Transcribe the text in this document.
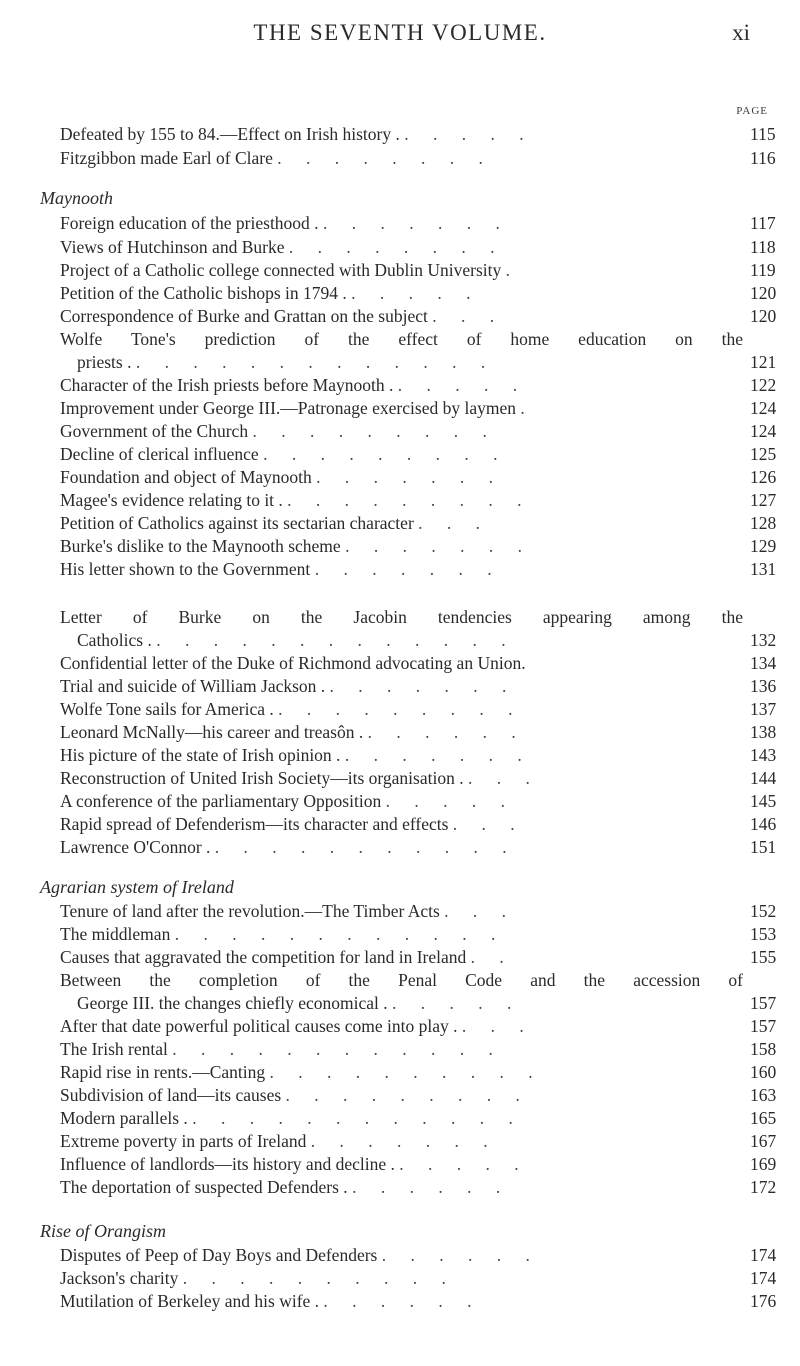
THE SEVENTH VOLUME.	xi
PAGE
Defeated by 155 to 84.—Effect on Irish history . . . . . .	115
Fitzgibbon made Earl of Clare . . . . . . . .	116
Maynooth
Foreign education of the priesthood . . . . . . . .	117
Views of Hutchinson and Burke . . . . . . . .	118
Project of a Catholic college connected with Dublin University .	119
Petition of the Catholic bishops in 1794 . . . . . .	120
Correspondence of Burke and Grattan on the subject . . .	120
Wolfe Tone's prediction of the effect of home education on the
priests . . . . . . . . . . . . . .	121
Character of the Irish priests before Maynooth . . . . . .	122
Improvement under George III.—Patronage exercised by laymen .	124
Government of the Church . . . . . . . . .	124
Decline of clerical influence . . . . . . . . .	125
Foundation and object of Maynooth . . . . . . .	126
Magee's evidence relating to it . . . . . . . . . .	127
Petition of Catholics against its sectarian character . . .	128
Burke's dislike to the Maynooth scheme . . . . . . .	129
His letter shown to the Government . . . . . . .	131
Letter of Burke on the Jacobin tendencies appearing among the
Catholics . . . . . . . . . . . . . .	132
Confidential letter of the Duke of Richmond advocating an Union.	134
Trial and suicide of William Jackson . . . . . . . .	136
Wolfe Tone sails for America . . . . . . . . . .	137
Leonard McNally—his career and treasôn . . . . . . .	138
His picture of the state of Irish opinion . . . . . . . .	143
Reconstruction of United Irish Society—its organisation . . . .	144
A conference of the parliamentary Opposition . . . . .	145
Rapid spread of Defenderism—its character and effects . . .	146
Lawrence O'Connor . . . . . . . . . . . .	151
Agrarian system of Ireland
Tenure of land after the revolution.—The Timber Acts . . .	152
The middleman . . . . . . . . . . . .	153
Causes that aggravated the competition for land in Ireland . .	155
Between the completion of the Penal Code and the accession of
George III. the changes chiefly economical . . . . . .	157
After that date powerful political causes come into play . . . .	157
The Irish rental . . . . . . . . . . . .	158
Rapid rise in rents.—Canting . . . . . . . . . .	160
Subdivision of land—its causes . . . . . . . . .	163
Modern parallels . . . . . . . . . . . . .	165
Extreme poverty in parts of Ireland . . . . . . .	167
Influence of landlords—its history and decline . . . . . .	169
The deportation of suspected Defenders . . . . . . .	172
Rise of Orangism
Disputes of Peep of Day Boys and Defenders . . . . . .	174
Jackson's charity . . . . . . . . . .	174
Mutilation of Berkeley and his wife . . . . . . .	176
